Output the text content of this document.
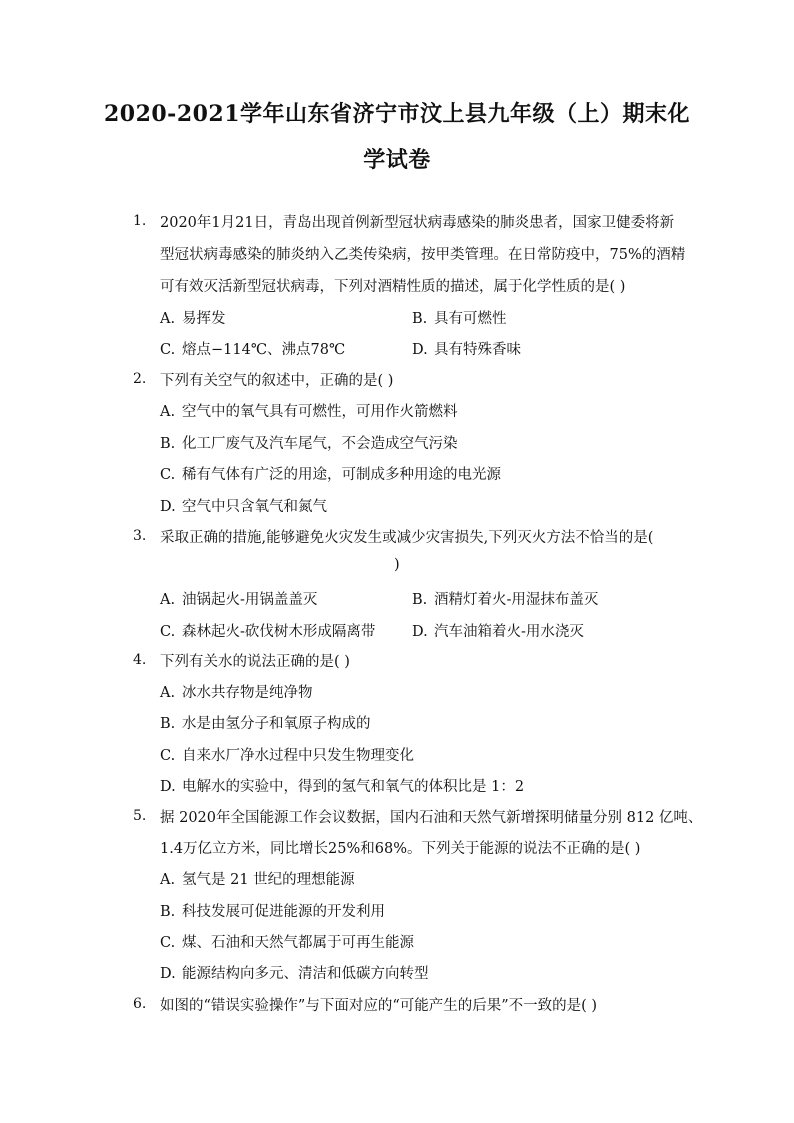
2020-2021学年山东省济宁市汶上县九年级（上）期末化
学试卷
1. 2020年1月21日，青岛出现首例新型冠状病毒感染的肺炎患者，国家卫健委将新
型冠状病毒感染的肺炎纳入乙类传染病，按甲类管理。在日常防疫中，75%的酒精
可有效灭活新型冠状病毒，下列对酒精性质的描述，属于化学性质的是( )
A. 易挥发	B. 具有可燃性
C. 熔点−114℃、沸点78℃	D. 具有特殊香味
2. 下列有关空气的叙述中，正确的是( )
A. 空气中的氧气具有可燃性，可用作火箭燃料
B. 化工厂废气及汽车尾气，不会造成空气污染
C. 稀有气体有广泛的用途，可制成多种用途的电光源
D. 空气中只含氧气和氮气
3. 采取正确的措施,能够避免火灾发生或减少灾害损失,下列灭火方法不恰当的是(
)
A. 油锅起火-用锅盖盖灭	B. 酒精灯着火-用湿抹布盖灭
C. 森林起火-砍伐树木形成隔离带	D. 汽车油箱着火-用水浇灭
4. 下列有关水的说法正确的是( )
A. 冰水共存物是纯净物
B. 水是由氢分子和氧原子构成的
C. 自来水厂净水过程中只发生物理变化
D. 电解水的实验中，得到的氢气和氧气的体积比是 1：2
5. 据 2020年全国能源工作会议数据，国内石油和天然气新增探明储量分别 812 亿吨、
1.4万亿立方米，同比增长25%和68%。下列关于能源的说法不正确的是( )
A. 氢气是 21 世纪的理想能源
B. 科技发展可促进能源的开发利用
C. 煤、石油和天然气都属于可再生能源
D. 能源结构向多元、清洁和低碳方向转型
6. 如图的“错误实验操作”与下面对应的“可能产生的后果”不一致的是( )
